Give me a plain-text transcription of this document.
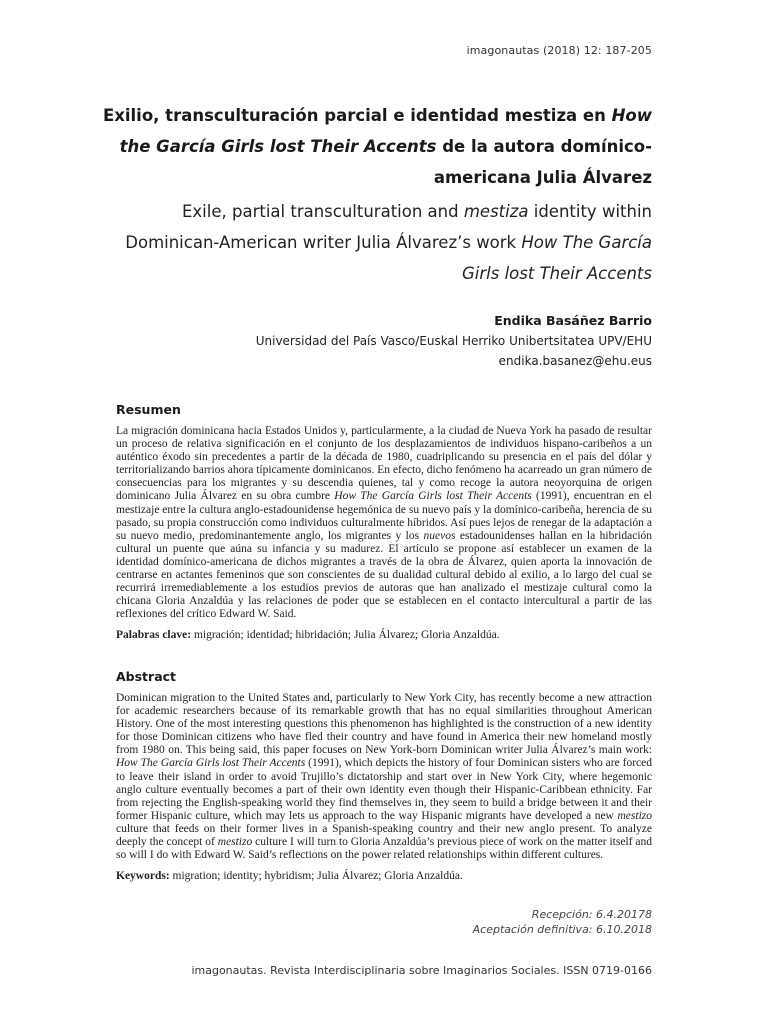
imagonautas (2018) 12: 187-205

Exilio, transculturación parcial e identidad mestiza en How the García Girls lost Their Accents de la autora domínico-americana Julia Álvarez

Exile, partial transculturation and mestiza identity within Dominican-American writer Julia Álvarez’s work How The García Girls lost Their Accents

Endika Basáñez Barrio
Universidad del País Vasco/Euskal Herriko Unibertsitatea UPV/EHU
endika.basanez@ehu.eus
Resumen

La migración dominicana hacia Estados Unidos y, particularmente, a la ciudad de Nueva York ha pasado de resultar un proceso de relativa significación en el conjunto de los desplazamientos de individuos hispano-caribeños a un auténtico éxodo sin precedentes a partir de la década de 1980, cuadriplicando su presencia en el país del dólar y territorializando barrios ahora típicamente dominicanos. En efecto, dicho fenómeno ha acarreado un gran número de consecuencias para los migrantes y su descendia quienes, tal y como recoge la autora neoyorquina de origen dominicano Julia Álvarez en su obra cumbre How The García Girls lost Their Accents (1991), encuentran en el mestizaje entre la cultura anglo-estadounidense hegemónica de su nuevo país y la domínico-caribeña, herencia de su pasado, su propia construcción como individuos culturalmente híbridos. Así pues lejos de renegar de la adaptación a su nuevo medio, predominantemente anglo, los migrantes y los nuevos estadounidenses hallan en la hibridación cultural un puente que aúna su infancia y su madurez. El artículo se propone así establecer un examen de la identidad domínico-americana de dichos migrantes a través de la obra de Álvarez, quien aporta la innovación de centrarse en actantes femeninos que son conscientes de su dualidad cultural debido al exilio, a lo largo del cual se recurrirá irremediablemente a los estudios previos de autoras que han analizado el mestizaje cultural como la chicana Gloria Anzaldúa y las relaciones de poder que se establecen en el contacto intercultural a partir de las reflexiones del crítico Edward W. Said.

Palabras clave: migración; identidad; hibridación; Julia Álvarez; Gloria Anzaldúa.

Abstract

Dominican migration to the United States and, particularly to New York City, has recently become a new attraction for academic researchers because of its remarkable growth that has no equal similarities throughout American History. One of the most interesting questions this phenomenon has highlighted is the construction of a new identity for those Dominican citizens who have fled their country and have found in America their new homeland mostly from 1980 on. This being said, this paper focuses on New York-born Dominican writer Julia Álvarez’s main work: How The García Girls lost Their Accents (1991), which depicts the history of four Dominican sisters who are forced to leave their island in order to avoid Trujillo’s dictatorship and start over in New York City, where hegemonic anglo culture eventually becomes a part of their own identity even though their Hispanic-Caribbean ethnicity. Far from rejecting the English-speaking world they find themselves in, they seem to build a bridge between it and their former Hispanic culture, which may lets us approach to the way Hispanic migrants have developed a new mestizo culture that feeds on their former lives in a Spanish-speaking country and their new anglo present. To analyze deeply the concept of mestizo culture I will turn to Gloria Anzaldúa’s previous piece of work on the matter itself and so will I do with Edward W. Said’s reflections on the power related relationships within different cultures.

Keywords: migration; identity; hybridism; Julia Álvarez; Gloria Anzaldúa.

Recepción: 6.4.20178
Aceptación definitiva: 6.10.2018
imagonautas. Revista Interdisciplinaria sobre Imaginarios Sociales. ISSN 0719-0166
